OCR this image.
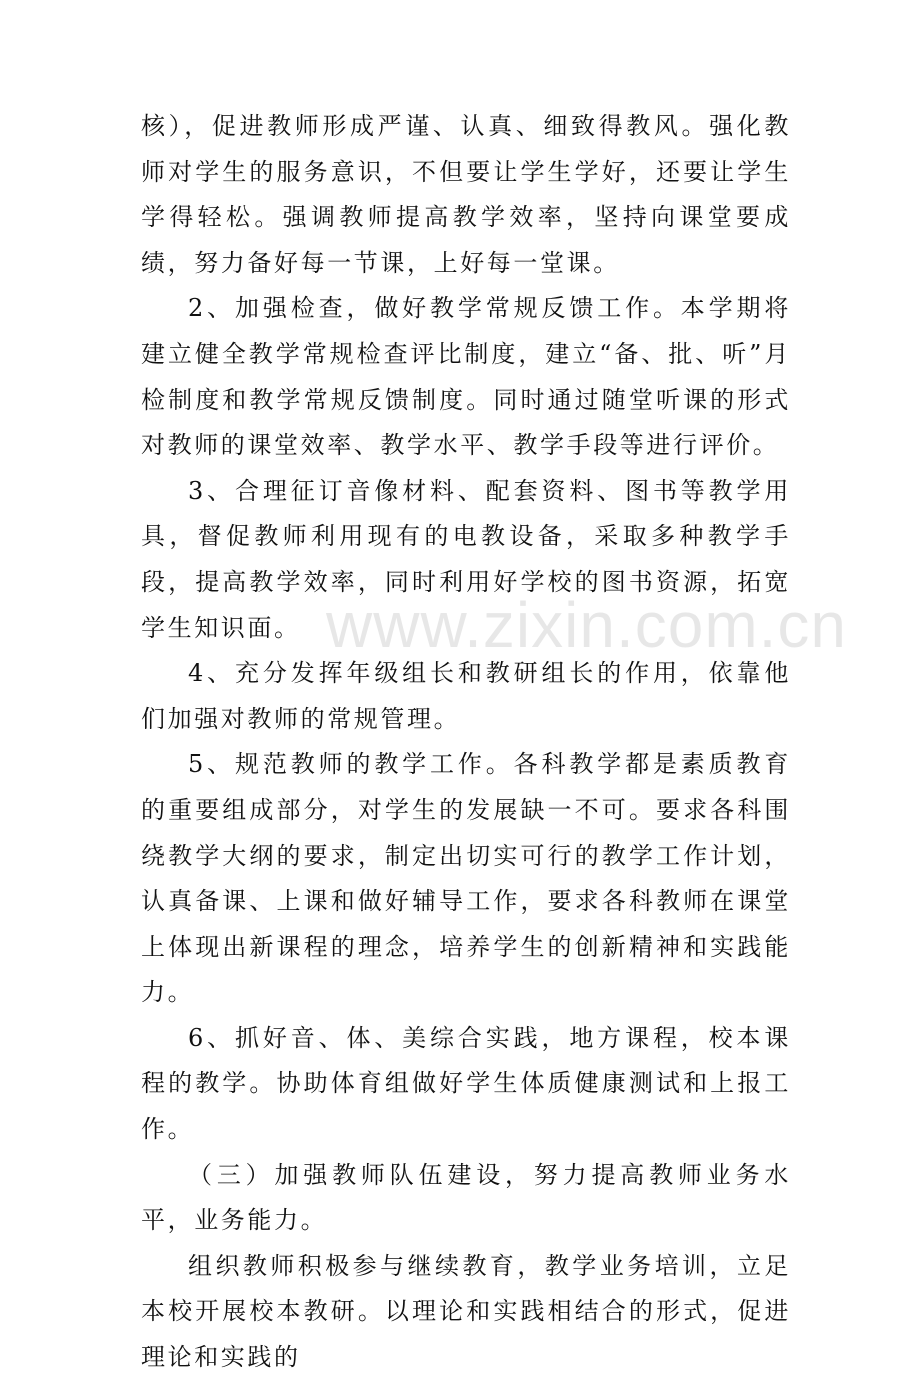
核），促进教师形成严谨、认真、细致得教风。强化教师对学生的服务意识，不但要让学生学好，还要让学生学得轻松。强调教师提高教学效率，坚持向课堂要成绩，努力备好每一节课，上好每一堂课。

2、加强检查，做好教学常规反馈工作。本学期将建立健全教学常规检查评比制度，建立“备、批、听”月检制度和教学常规反馈制度。同时通过随堂听课的形式对教师的课堂效率、教学水平、教学手段等进行评价。

3、合理征订音像材料、配套资料、图书等教学用具，督促教师利用现有的电教设备，采取多种教学手段，提高教学效率，同时利用好学校的图书资源，拓宽学生知识面。

4、充分发挥年级组长和教研组长的作用，依靠他们加强对教师的常规管理。

5、规范教师的教学工作。各科教学都是素质教育的重要组成部分，对学生的发展缺一不可。要求各科围绕教学大纲的要求，制定出切实可行的教学工作计划，认真备课、上课和做好辅导工作，要求各科教师在课堂上体现出新课程的理念，培养学生的创新精神和实践能力。

6、抓好音、体、美综合实践，地方课程，校本课程的教学。协助体育组做好学生体质健康测试和上报工作。

（三）加强教师队伍建设，努力提高教师业务水平，业务能力。

组织教师积极参与继续教育，教学业务培训，立足本校开展校本教研。以理论和实践相结合的形式，促进理论和实践的

www.zixin.com.cn
